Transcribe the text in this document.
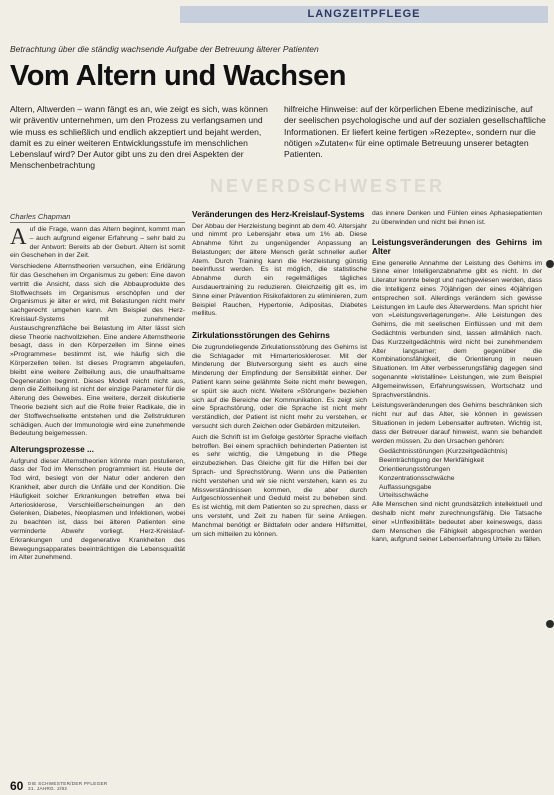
LANGZEITPFLEGE
Betrachtung über die ständig wachsende Aufgabe der Betreuung älterer Patienten
Vom Altern und Wachsen
Altern, Altwerden – wann fängt es an, wie zeigt es sich, was können wir präventiv unternehmen, um den Prozess zu verlangsamen und wie muss es schließlich und endlich akzeptiert und bejaht werden, damit es zu einer weiteren Entwicklungsstufe im menschlichen Lebenslauf wird? Der Autor gibt uns zu den drei Aspekten der Menschenbetrachtung
hilfreiche Hinweise: auf der körperlichen Ebene medizinische, auf der seelischen psychologische und auf der sozialen gesellschaftliche Informationen. Er liefert keine fertigen »Rezepte«, sondern nur die nötigen »Zutaten« für eine optimale Betreuung unserer betagten Patienten.
NEVERDSCHWESTER
Charles Chapman

Auf die Frage, wann das Altern beginnt, kommt man – auch aufgrund eigener Erfahrung – sehr bald zu der Antwort: Bereits ab der Geburt. Altern ist somit ein Geschehen in der Zeit.

Verschiedene Alternstheorien versuchen, eine Erklärung für das Geschehen im Organismus zu geben: Eine davon vertritt die Ansicht, dass sich die Abbauprodukte des Stoffwechsels im Organismus erschöpfen und der Organismus je älter er wird, mit Belastungen nicht mehr sachgerecht umgehen kann. Am Beispiel des Herz-Kreislauf-Systems mit zunehmender Austauschgrenzfläche bei Belastung im Alter lässt sich diese Theorie nachvollziehen. Eine andere Alternstheorie besagt, dass in den Körperzellen im Sinne eines »Programmes« bestimmt ist, wie häufig sich die Körperzellen teilen. Ist dieses Programm abgelaufen, bleibt eine weitere Zellteilung aus, die unaufhaltsame Degeneration beginnt. Dieses Modell reicht nicht aus, denn die Zellteilung ist nicht der einzige Parameter für die Alterung des Gewebes. Eine weitere, derzeit diskutierte Theorie bezieht sich auf die Rolle freier Radikale, die in der Stoffwechselkette entstehen und die Zellstrukturen schädigen. Auch der Immunologie wird eine zunehmende Bedeutung beigemessen.

Alterungsprozesse ...

Aufgrund dieser Alternstheorien könnte man postulieren, dass der Tod im Menschen programmiert ist. Heute der Tod wird, besiegt von der Natur oder anderen den Krankheit, aber durch die Unfälle und der Kondition. Die Häufigkeit solcher Erkrankungen betreffen etwa bei Arteriosklerose, Verschleißerscheinungen an den Gelenken, Diabetes, Neoplasmen und Infektionen, wobei zu beachten ist, dass bei älteren Patienten eine verminderte Abwehr vorliegt. Herz-Kreislauf-Erkrankungen und degenerative Krankheiten des Bewegungsapparates beeinträchtigen die Lebensqualität im Alter zunehmend.

Veränderungen des Herz-Kreislauf-Systems

Der Abbau der Herzleistung beginnt ab dem 40. Altersjahr und nimmt pro Lebensjahr etwa um 1% ab. Diese Abnahme führt zu ungenügender Anpassung an Belastungen; der ältere Mensch gerät schneller außer Atem. Durch Training kann die Herzleistung günstig beeinflusst werden. Es ist möglich, die statistische Abnahme durch ein regelmäßiges tägliches Ausdauertraining zu reduzieren. Gleichzeitig gilt es, im Sinne einer Prävention Risikofaktoren zu eliminieren, zum Beispiel Rauchen, Hypertonie, Adipositas, Diabetes mellitus.

Zirkulationsstörungen des Gehirns

Die zugrundeliegende Zirkulationsstörung des Gehirns ist die Schlagader mit Hirnarterioskleroser. Mit der Minderung der Blutversorgung sieht es auch eine Minderung der Empfindung der Sensibilität einher. Der Patient kann seine gelähmte Seite nicht mehr bewegen, er spürt sie auch nicht. Weitere »Störungen« beziehen sich auf die Bereiche der Kommunikation. Es zeigt sich eine Sprachstörung, oder die Sprache ist nicht mehr verständlich, der Patient ist nicht mehr zu verstehen, er versucht sich durch Zeichen oder Gebärden mitzuteilen.

Auch die Schrift ist im Gefolge gestörter Sprache vielfach betroffen. Bei einem sprachlich behinderten Patienten ist es sehr wichtig, die Umgebung in die Pflege einzubeziehen. Das Gleiche gilt für die Hilfen bei der Sprach- und Sprechstörung. Wenn uns die Patienten nicht verstehen und wir sie nicht verstehen, kann es zu Missverständnissen kommen, die aber durch Aufgeschlossenheit und Geduld meist zu beheben sind. Es ist wichtig, mit dem Patienten so zu sprechen, dass er uns versteht, und Zeit zu haben für seine Anliegen. Manchmal benötigt er Bildtafeln oder andere Hilfsmittel, um sich mitteilen zu können.

das innere Denken und Fühlen eines Aphasiepatienten zu überwinden und nicht bei ihnen ist.

Leistungsveränderungen des Gehirns im Alter

Eine generelle Annahme der Leistung des Gehirns im Sinne einer Intelligenzabnahme gibt es nicht. In der Literatur konnte belegt und nachgewiesen werden, dass die Intelligenz eines 70jährigen der eines 40jährigen entsprechen soll. Allerdings verändern sich gewisse Leistungen im Laufe des Älterwerdens. Man spricht hier von »Leistungsverlagerungen«. Alle Leistungen des Gehirns, die mit seelischen Einflüssen und mit dem Gedächtnis verbunden sind, lassen allmählich nach. Das Kurzzeitgedächtnis wird nicht bei zunehmendem Alter langsamer; dem gegenüber die Kombinationsfähigkeit, die Orientierung in neuen Situationen. Im Alter verbesserungsfähig dagegen sind sogenannte »kristalline« Leistungen, wie zum Beispiel Allgemeinwissen, Erfahrungswissen, Wortschatz und Sprachverständnis.

Leistungsveränderungen des Gehirns beschränken sich nicht nur auf das Alter, sie können in gewissen Situationen in jedem Lebensalter auftreten. Wichtig ist, dass der Betreuer darauf hinweist, wann sie behandelt werden müssen. Zu den Ursachen gehören:

• Gedächtnisstörungen (Kurzzeitgedächtnis)
• Beeinträchtigung der Merkfähigkeit
• Orientierungsstörungen
• Konzentrationsschwäche
• Auffassungsgabe
• Urteilsschwäche

Alle Menschen sind nicht grundsätzlich intellektuell und deshalb nicht mehr zurechnungsfähig. Die Tatsache einer »Unflexibilität« bedeutet aber keineswegs, dass dem Menschen die Fähigkeit abgesprochen werden kann, aufgrund seiner Lebenserfahrung Urteile zu fällen.

60 DIE SCHWESTER/DER PFLEGER
31. JAHRG. 2/92
